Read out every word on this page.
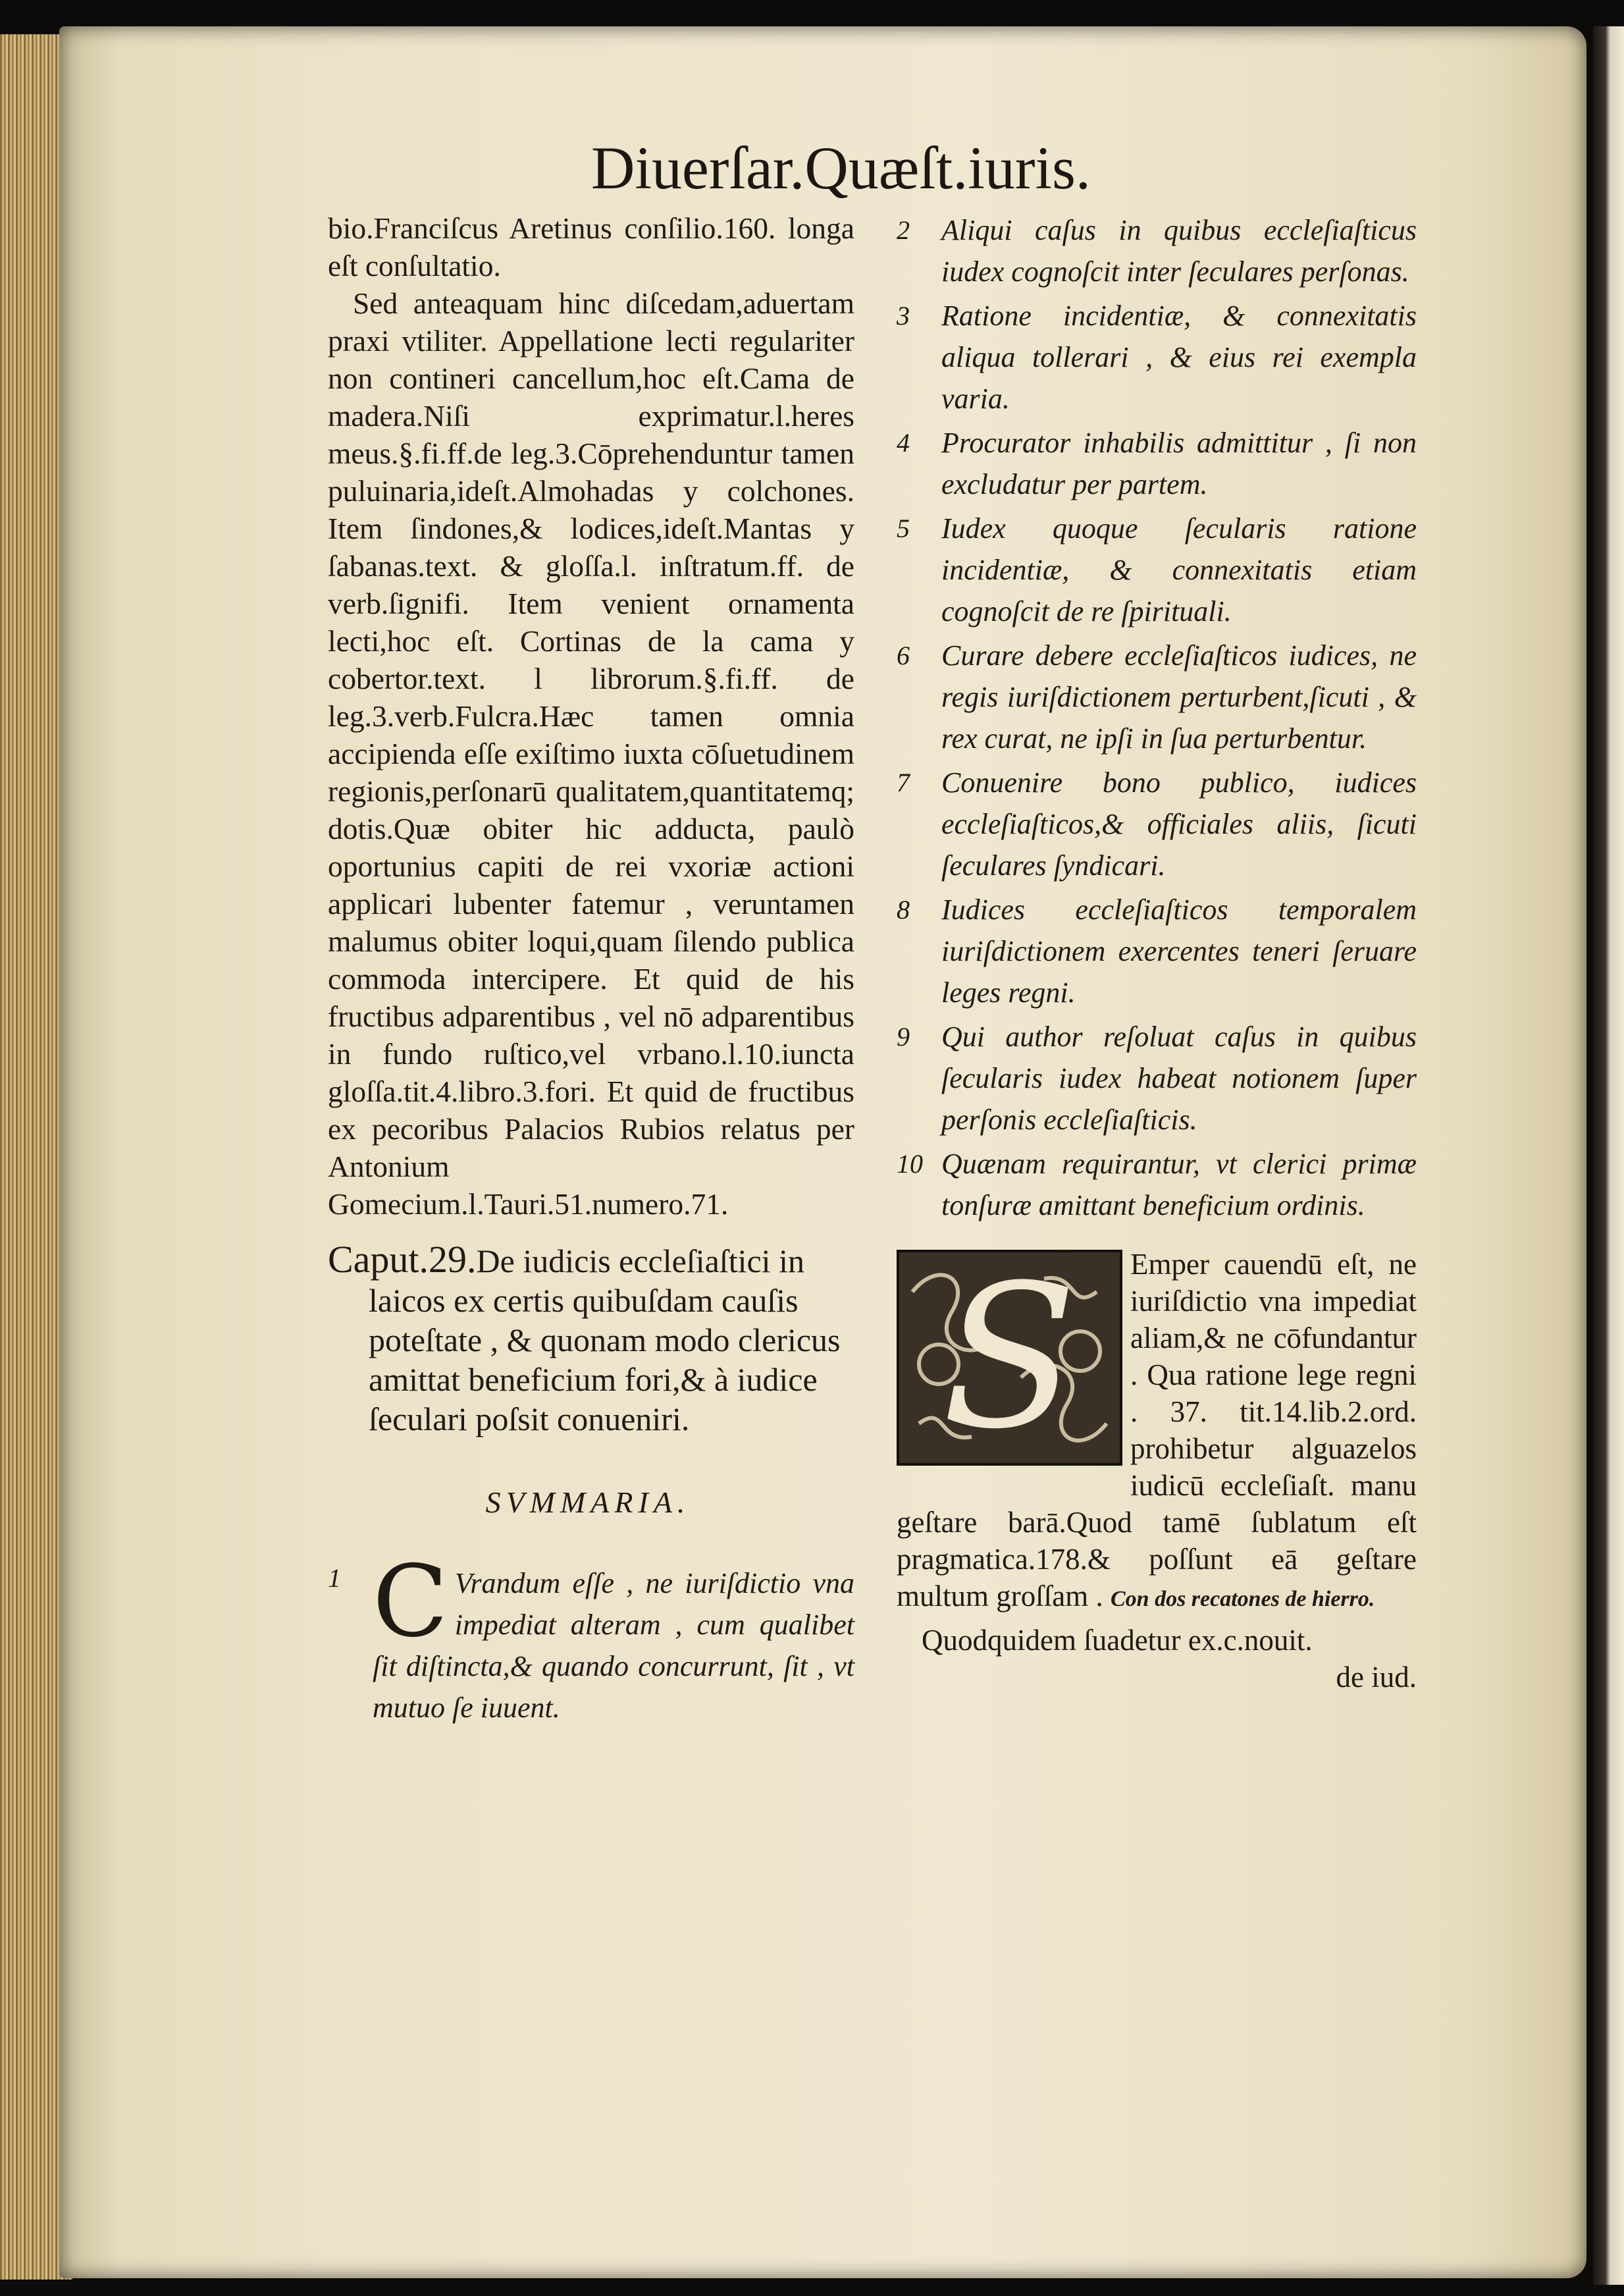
Diuerſar.Quæſt.iuris.

bio.Franciſcus Aretinus conſilio.160. longa eſt conſultatio.

Sed anteaquam hinc diſcedam,aduertam praxi vtiliter. Appellatione lecti regulariter non contineri cancellum,hoc eſt.Cama de madera.Niſi exprimatur.l.heres meus.§.fi.ff.de leg.3.Cōprehenduntur tamen puluinaria,ideſt.Almohadas y colchones. Item ſindones,& lodices,ideſt.Mantas y ſabanas.text. & gloſſa.l. inſtratum.ff. de verb.ſignifi. Item venient ornamenta lecti,hoc eſt. Cortinas de la cama y cobertor.text. l librorum.§.fi.ff. de leg.3.verb.Fulcra.Hæc tamen omnia accipienda eſſe exiſtimo iuxta cōſuetudinem regionis,perſonarū qualitatem,quantitatemq; dotis.Quæ obiter hic adducta, paulò oportunius capiti de rei vxoriæ actioni applicari lubenter fatemur , veruntamen malumus obiter loqui,quam ſilendo publica commoda intercipere. Et quid de his fructibus adparentibus , vel nō adparentibus in fundo ruſtico,vel vrbano.l.10.iuncta gloſſa.tit.4.libro.3.fori. Et quid de fructibus ex pecoribus Palacios Rubios relatus per Antonium Gomecium.l.Tauri.51.numero.71.

Caput.29.De iudicis eccleſiaſtici in laicos ex certis quibuſdam cauſis poteſtate , & quonam modo clericus amittat beneficium fori,& à iudice ſeculari poſsit conueniri.

SVMMARIA.
1 C Vrandum eſſe , ne iuriſdictio vna impediat alteram , cum qualibet ſit diſtincta,& quando concurrunt, ſit , vt mutuo ſe iuuent.
2 Aliqui caſus in quibus eccleſiaſticus iudex cognoſcit inter ſeculares perſonas.
3 Ratione incidentiæ, & connexitatis aliqua tollerari , & eius rei exempla varia.
4 Procurator inhabilis admittitur , ſi non excludatur per partem.
5 Iudex quoque ſecularis ratione incidentiæ, & connexitatis etiam cognoſcit de re ſpirituali.
6 Curare debere eccleſiaſticos iudices, ne regis iuriſdictionem perturbent,ſicuti , & rex curat, ne ipſi in ſua perturbentur.
7 Conuenire bono publico, iudices eccleſiaſticos,& officiales aliis, ſicuti ſeculares ſyndicari.
8 Iudices eccleſiaſticos temporalem iuriſdictionem exercentes teneri ſeruare leges regni.
9 Qui author reſoluat caſus in quibus ſecularis iudex habeat notionem ſuper perſonis eccleſiaſticis.
10 Quænam requirantur, vt clerici primæ tonſuræ amittant beneficium ordinis.
S	Emper cauendū eſt, ne iuriſdictio vna impediat aliam,& ne cōfundantur . Qua ratione lege regni . 37. tit.14.lib.2.ord. prohibetur alguazelos iudicū eccleſiaſt. manu geſtare barā.Quod tamē ſublatum eſt pragmatica.178.& poſſunt eā geſtare multum groſſam . Con dos recatones de hierro.

Quodquidem ſuadetur ex.c.nouit.

de iud.
